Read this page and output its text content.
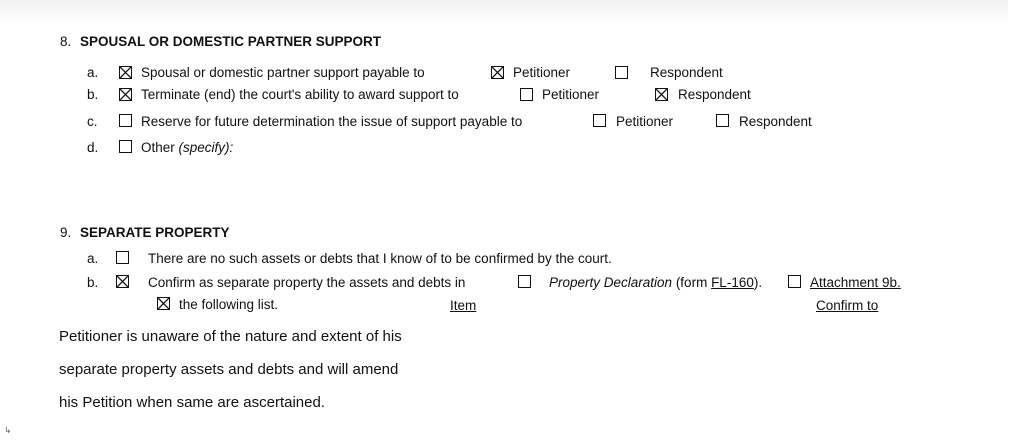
8. SPOUSAL OR DOMESTIC PARTNER SUPPORT
a.	Spousal or domestic partner support payable to	Petitioner	Respondent
b.	Terminate (end) the court's ability to award support to	Petitioner	Respondent
c.	Reserve for future determination the issue of support payable to	Petitioner	Respondent
d.	Other (specify):
9. SEPARATE PROPERTY
a.	There are no such assets or debts that I know of to be confirmed by the court.
b.	Confirm as separate property the assets and debts in	Property Declaration (form FL-160).	Attachment 9b.
the following list.	Item	Confirm to
Petitioner is unaware of the nature and extent of his
separate property assets and debts and will amend
his Petition when same are ascertained.
↳
